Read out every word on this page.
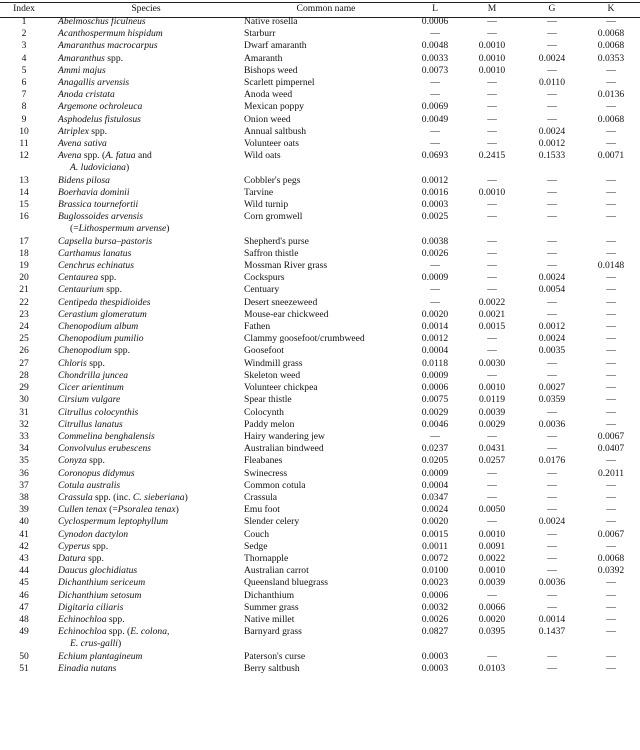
Index	Species	Common name	L	M	G	K
1	Abelmoschus ficulneus	Native rosella	0.0006	—	—	—
2	Acanthospermum hispidum	Starburr	—	—	—	0.0068
3	Amaranthus macrocarpus	Dwarf amaranth	0.0048	0.0010	—	0.0068
4	Amaranthus spp.	Amaranth	0.0033	0.0010	0.0024	0.0353
5	Ammi majus	Bishops weed	0.0073	0.0010	—	—
6	Anagallis arvensis	Scarlett pimpernel	—	—	0.0110	—
7	Anoda cristata	Anoda weed	—	—	—	0.0136
8	Argemone ochroleuca	Mexican poppy	0.0069	—	—	—
9	Asphodelus fistulosus	Onion weed	0.0049	—	—	0.0068
10	Atriplex spp.	Annual saltbush	—	—	0.0024	—
11	Avena sativa	Volunteer oats	—	—	0.0012	—
12	Avena spp. (A. fatua and
A. ludoviciana)	Wild oats	0.0693	0.2415	0.1533	0.0071
13	Bidens pilosa	Cobbler's pegs	0.0012	—	—	—
14	Boerhavia dominii	Tarvine	0.0016	0.0010	—	—
15	Brassica tournefortii	Wild turnip	0.0003	—	—	—
16	Buglossoides arvensis
(=Lithospermum arvense)	Corn gromwell	0.0025	—	—	—
17	Capsella bursa–pastoris	Shepherd's purse	0.0038	—	—	—
18	Carthamus lanatus	Saffron thistle	0.0026	—	—	—
19	Cenchrus echinatus	Mossman River grass	—	—	—	0.0148
20	Centaurea spp.	Cockspurs	0.0009	—	0.0024	—
21	Centaurium spp.	Centuary	—	—	0.0054	—
22	Centipeda thespidioides	Desert sneezeweed	—	0.0022	—	—
23	Cerastium glomeratum	Mouse-ear chickweed	0.0020	0.0021	—	—
24	Chenopodium album	Fathen	0.0014	0.0015	0.0012	—
25	Chenopodium pumilio	Clammy goosefoot/crumbweed	0.0012	—	0.0024	—
26	Chenopodium spp.	Goosefoot	0.0004	—	0.0035	—
27	Chloris spp.	Windmill grass	0.0118	0.0030	—	—
28	Chondrilla juncea	Skeleton weed	0.0009	—	—	—
29	Cicer arientinum	Volunteer chickpea	0.0006	0.0010	0.0027	—
30	Cirsium vulgare	Spear thistle	0.0075	0.0119	0.0359	—
31	Citrullus colocynthis	Colocynth	0.0029	0.0039	—	—
32	Citrullus lanatus	Paddy melon	0.0046	0.0029	0.0036	—
33	Commelina benghalensis	Hairy wandering jew	—	—	—	0.0067
34	Convolvulus erubescens	Australian bindweed	0.0237	0.0431	—	0.0407
35	Conyza spp.	Fleabanes	0.0205	0.0257	0.0176	—
36	Coronopus didymus	Swinecress	0.0009	—	—	0.2011
37	Cotula australis	Common cotula	0.0004	—	—	—
38	Crassula spp. (inc. C. sieberiana)	Crassula	0.0347	—	—	—
39	Cullen tenax (=Psoralea tenax)	Emu foot	0.0024	0.0050	—	—
40	Cyclospermum leptophyllum	Slender celery	0.0020	—	0.0024	—
41	Cynodon dactylon	Couch	0.0015	0.0010	—	0.0067
42	Cyperus spp.	Sedge	0.0011	0.0091	—	—
43	Datura spp.	Thornapple	0.0072	0.0022	—	0.0068
44	Daucus glochidiatus	Australian carrot	0.0100	0.0010	—	0.0392
45	Dichanthium sericeum	Queensland bluegrass	0.0023	0.0039	0.0036	—
46	Dichanthium setosum	Dichanthium	0.0006	—	—	—
47	Digitaria ciliaris	Summer grass	0.0032	0.0066	—	—
48	Echinochloa spp.	Native millet	0.0026	0.0020	0.0014	—
49	Echinochloa spp. (E. colona,
E. crus-galli)	Barnyard grass	0.0827	0.0395	0.1437	—
50	Echium plantagineum	Paterson's curse	0.0003	—	—	—
51	Einadia nutans	Berry saltbush	0.0003	0.0103	—	—
